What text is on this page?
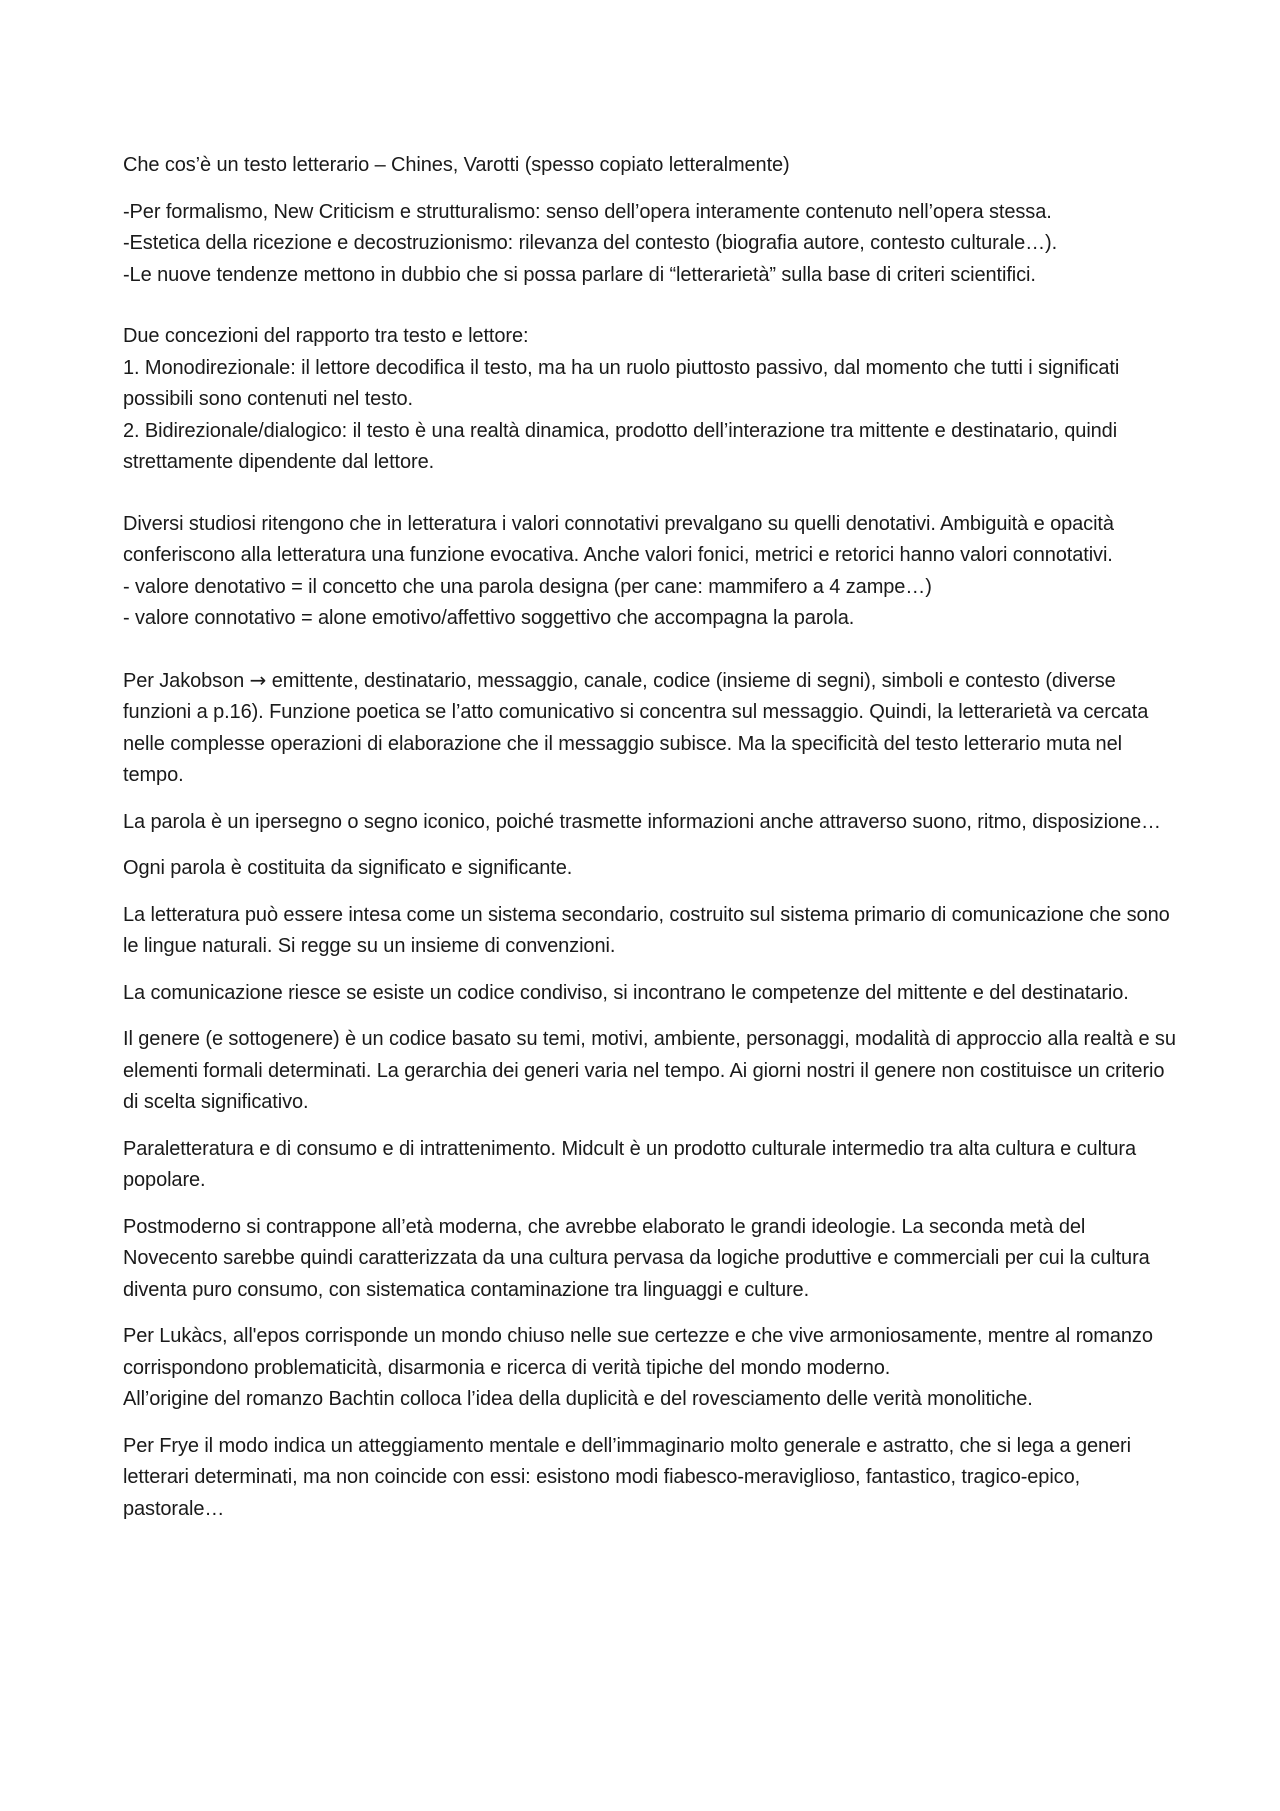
Che cos’è un testo letterario – Chines, Varotti (spesso copiato letteralmente)

-Per formalismo, New Criticism e strutturalismo: senso dell’opera interamente contenuto nell’opera stessa.
-Estetica della ricezione e decostruzionismo: rilevanza del contesto (biografia autore, contesto culturale…).
-Le nuove tendenze mettono in dubbio che si possa parlare di “letterarietà” sulla base di criteri scientifici.

Due concezioni del rapporto tra testo e lettore:
1. Monodirezionale: il lettore decodifica il testo, ma ha un ruolo piuttosto passivo, dal momento che tutti i significati possibili sono contenuti nel testo.
2. Bidirezionale/dialogico: il testo è una realtà dinamica, prodotto dell’interazione tra mittente e destinatario, quindi strettamente dipendente dal lettore.

Diversi studiosi ritengono che in letteratura i valori connotativi prevalgano su quelli denotativi. Ambiguità e opacità conferiscono alla letteratura una funzione evocativa. Anche valori fonici, metrici e retorici hanno valori connotativi.
- valore denotativo = il concetto che una parola designa (per cane: mammifero a 4 zampe…)
- valore connotativo = alone emotivo/affettivo soggettivo che accompagna la parola.

Per Jakobson → emittente, destinatario, messaggio, canale, codice (insieme di segni), simboli e contesto (diverse funzioni a p.16). Funzione poetica se l’atto comunicativo si concentra sul messaggio. Quindi, la letterarietà va cercata nelle complesse operazioni di elaborazione che il messaggio subisce. Ma la specificità del testo letterario muta nel tempo.

La parola è un ipersegno o segno iconico, poiché trasmette informazioni anche attraverso suono, ritmo, disposizione…

Ogni parola è costituita da significato e significante.

La letteratura può essere intesa come un sistema secondario, costruito sul sistema primario di comunicazione che sono le lingue naturali. Si regge su un insieme di convenzioni.

La comunicazione riesce se esiste un codice condiviso, si incontrano le competenze del mittente e del destinatario.

Il genere (e sottogenere) è un codice basato su temi, motivi, ambiente, personaggi, modalità di approccio alla realtà e su elementi formali determinati. La gerarchia dei generi varia nel tempo. Ai giorni nostri il genere non costituisce un criterio di scelta significativo.

Paraletteratura e di consumo e di intrattenimento. Midcult è un prodotto culturale intermedio tra alta cultura e cultura popolare.

Postmoderno si contrappone all’età moderna, che avrebbe elaborato le grandi ideologie. La seconda metà del Novecento sarebbe quindi caratterizzata da una cultura pervasa da logiche produttive e commerciali per cui la cultura diventa puro consumo, con sistematica contaminazione tra linguaggi e culture.

Per Lukàcs, all'epos corrisponde un mondo chiuso nelle sue certezze e che vive armoniosamente, mentre al romanzo corrispondono problematicità, disarmonia e ricerca di verità tipiche del mondo moderno.
All’origine del romanzo Bachtin colloca l’idea della duplicità e del rovesciamento delle verità monolitiche.

Per Frye il modo indica un atteggiamento mentale e dell’immaginario molto generale e astratto, che si lega a generi letterari determinati, ma non coincide con essi: esistono modi fiabesco-meraviglioso, fantastico, tragico-epico, pastorale…
